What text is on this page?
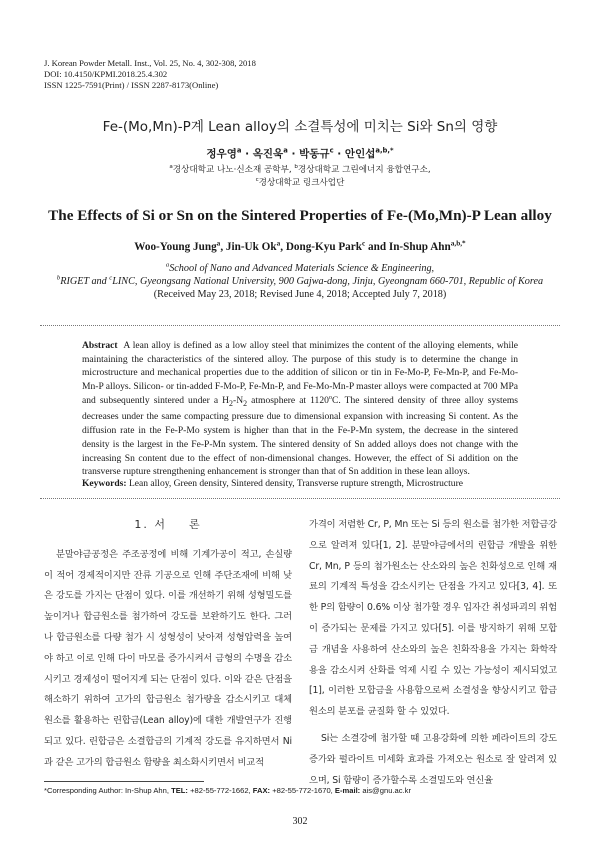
J. Korean Powder Metall. Inst., Vol. 25, No. 4, 302-308, 2018
DOI: 10.4150/KPMI.2018.25.4.302
ISSN 1225-7591(Print) / ISSN 2287-8173(Online)
Fe-(Mo,Mn)-P계 Lean alloy의 소결특성에 미치는 Si와 Sn의 영향
정우영$^a$ · 옥진욱$^a$ · 박동규$^c$ · 안인섭$^{a,b,*}$
$^a$경상대학교 나노·신소재 공학부, $^b$경상대학교 그린에너지 융합연구소,
$^c$경상대학교 링크사업단
The Effects of Si or Sn on the Sintered Properties of Fe-(Mo,Mn)-P Lean alloy
Woo-Young Jung$^a$, Jin-Uk Ok$^a$, Dong-Kyu Park$^c$ and In-Shup Ahn$^{a,b,*}$
$^a$School of Nano and Advanced Materials Science & Engineering,
$^b$RIGET and $^c$LINC, Gyeongsang National University, 900 Gajwa-dong, Jinju, Gyeongnam 660-701, Republic of Korea
(Received May 23, 2018; Revised June 4, 2018; Accepted July 7, 2018)
Abstract A lean alloy is defined as a low alloy steel that minimizes the content of the alloying elements, while maintaining the characteristics of the sintered alloy. The purpose of this study is to determine the change in microstructure and mechanical properties due to the addition of silicon or tin in Fe-Mo-P, Fe-Mn-P, and Fe-Mo-Mn-P alloys. Silicon- or tin-added F-Mo-P, Fe-Mn-P, and Fe-Mo-Mn-P master alloys were compacted at 700 MPa and subsequently sintered under a $H_2-N_2$ atmosphere at 1120$^o$C. The sintered density of three alloy systems decreases under the same compacting pressure due to dimensional expansion with increasing Si content. As the diffusion rate in the Fe-P-Mo system is higher than that in the Fe-P-Mn system, the decrease in the sintered density is the largest in the Fe-P-Mn system. The sintered density of Sn added alloys does not change with the increasing Sn content due to the effect of non-dimensional changes. However, the effect of Si addition on the transverse rupture strengthening enhancement is stronger than that of Sn addition in these lean alloys.
Keywords: Lean alloy, Green density, Sintered density, Transverse rupture strength, Microstructure
1. 서 론

분말야금공정은 주조공정에 비해 기계가공이 적고, 손실량이 적어 경제적이지만 잔류 기공으로 인해 주단조재에 비해 낮은 강도를 가지는 단점이 있다. 이를 개선하기 위해 성형밀도를 높이거나 합금원소를 첨가하여 강도를 보완하기도 한다. 그러나 합금원소를 다량 첨가 시 성형성이 낮아져 성형압력을 높여야 하고 이로 인해 다이 마모를 증가시켜서 금형의 수명을 감소시키고 경제성이 떨어지게 되는 단점이 있다. 이와 같은 단점을 해소하기 위하여 고가의 합금원소 첨가량을 감소시키고 대체 원소를 활용하는 린합금(Lean alloy)에 대한 개발연구가 진행되고 있다. 린합금은 소결합금의 기계적 강도를 유지하면서 Ni과 같은 고가의 합금원소 함량을 최소화시키면서 비교적

가격이 저렴한 Cr, P, Mn 또는 Si 등의 원소를 첨가한 저합금강으로 알려져 있다[1, 2]. 분말야금에서의 린합금 개발을 위한 Cr, Mn, P 등의 첨가원소는 산소와의 높은 친화성으로 인해 재료의 기계적 특성을 감소시키는 단점을 가지고 있다[3, 4]. 또한 P의 함량이 0.6% 이상 첨가할 경우 입자간 취성파괴의 위험이 증가되는 문제를 가지고 있다[5]. 이를 방지하기 위해 모합금 개념을 사용하여 산소와의 높은 친화작용을 가지는 화학작용을 감소시켜 산화를 억제 시킬 수 있는 가능성이 제시되었고[1], 이러한 모합금을 사용함으로써 소결성을 향상시키고 합금원소의 분포를 균질화 할 수 있었다.

Si는 소결강에 첨가할 때 고용강화에 의한 페라이트의 강도 증가와 펄라이트 미세화 효과를 가져오는 원소로 잘 알려져 있으며, Si 함량이 증가할수록 소결밀도와 연신율

*Corresponding Author: In-Shup Ahn, TEL: +82-55-772-1662, FAX: +82-55-772-1670, E-mail: ais@gnu.ac.kr
302
